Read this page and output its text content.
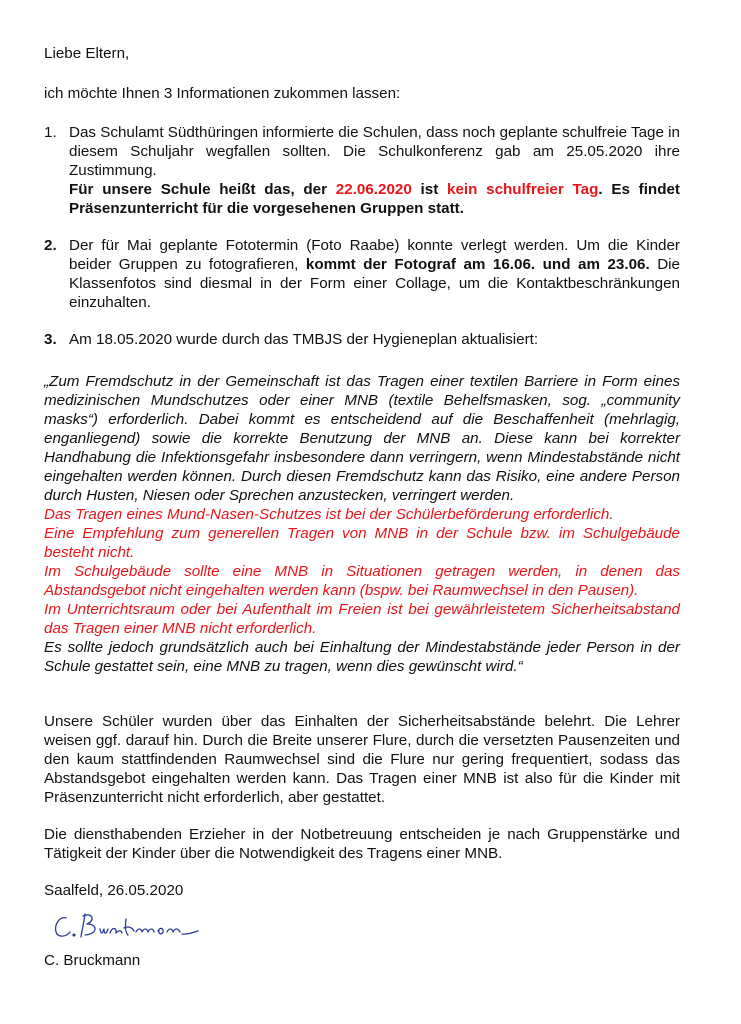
Liebe Eltern,
ich möchte Ihnen 3 Informationen zukommen lassen:
1. Das Schulamt Südthüringen informierte die Schulen, dass noch geplante schulfreie Tage in diesem Schuljahr wegfallen sollten. Die Schulkonferenz gab am 25.05.2020 ihre Zustimmung.
Für unsere Schule heißt das, der 22.06.2020 ist kein schulfreier Tag. Es findet Präsenzunterricht für die vorgesehenen Gruppen statt.
2. Der für Mai geplante Fototermin (Foto Raabe) konnte verlegt werden. Um die Kinder beider Gruppen zu fotografieren, kommt der Fotograf am 16.06. und am 23.06. Die Klassenfotos sind diesmal in der Form einer Collage, um die Kontaktbeschränkungen einzuhalten.
3. Am 18.05.2020 wurde durch das TMBJS der Hygieneplan aktualisiert:

„Zum Fremdschutz in der Gemeinschaft ist das Tragen einer textilen Barriere in Form eines medizinischen Mundschutzes oder einer MNB (textile Behelfsmasken, sog. „community masks“) erforderlich. Dabei kommt es entscheidend auf die Beschaffenheit (mehrlagig, enganliegend) sowie die korrekte Benutzung der MNB an. Diese kann bei korrekter Handhabung die Infektionsgefahr insbesondere dann verringern, wenn Mindestabstände nicht eingehalten werden können. Durch diesen Fremdschutz kann das Risiko, eine andere Person durch Husten, Niesen oder Sprechen anzustecken, verringert werden.

Das Tragen eines Mund-Nasen-Schutzes ist bei der Schülerbeförderung erforderlich.

Eine Empfehlung zum generellen Tragen von MNB in der Schule bzw. im Schulgebäude besteht nicht.

Im Schulgebäude sollte eine MNB in Situationen getragen werden, in denen das Abstandsgebot nicht eingehalten werden kann (bspw. bei Raumwechsel in den Pausen).

Im Unterrichtsraum oder bei Aufenthalt im Freien ist bei gewährleistetem Sicherheitsabstand das Tragen einer MNB nicht erforderlich.

Es sollte jedoch grundsätzlich auch bei Einhaltung der Mindestabstände jeder Person in der Schule gestattet sein, eine MNB zu tragen, wenn dies gewünscht wird.“

Unsere Schüler wurden über das Einhalten der Sicherheitsabstände belehrt. Die Lehrer weisen ggf. darauf hin. Durch die Breite unserer Flure, durch die versetzten Pausenzeiten und den kaum stattfindenden Raumwechsel sind die Flure nur gering frequentiert, sodass das Abstandsgebot eingehalten werden kann. Das Tragen einer MNB ist also für die Kinder mit Präsenzunterricht nicht erforderlich, aber gestattet.

Die diensthabenden Erzieher in der Notbetreuung entscheiden je nach Gruppenstärke und Tätigkeit der Kinder über die Notwendigkeit des Tragens einer MNB.

Saalfeld, 26.05.2020
C. Bruckmann
